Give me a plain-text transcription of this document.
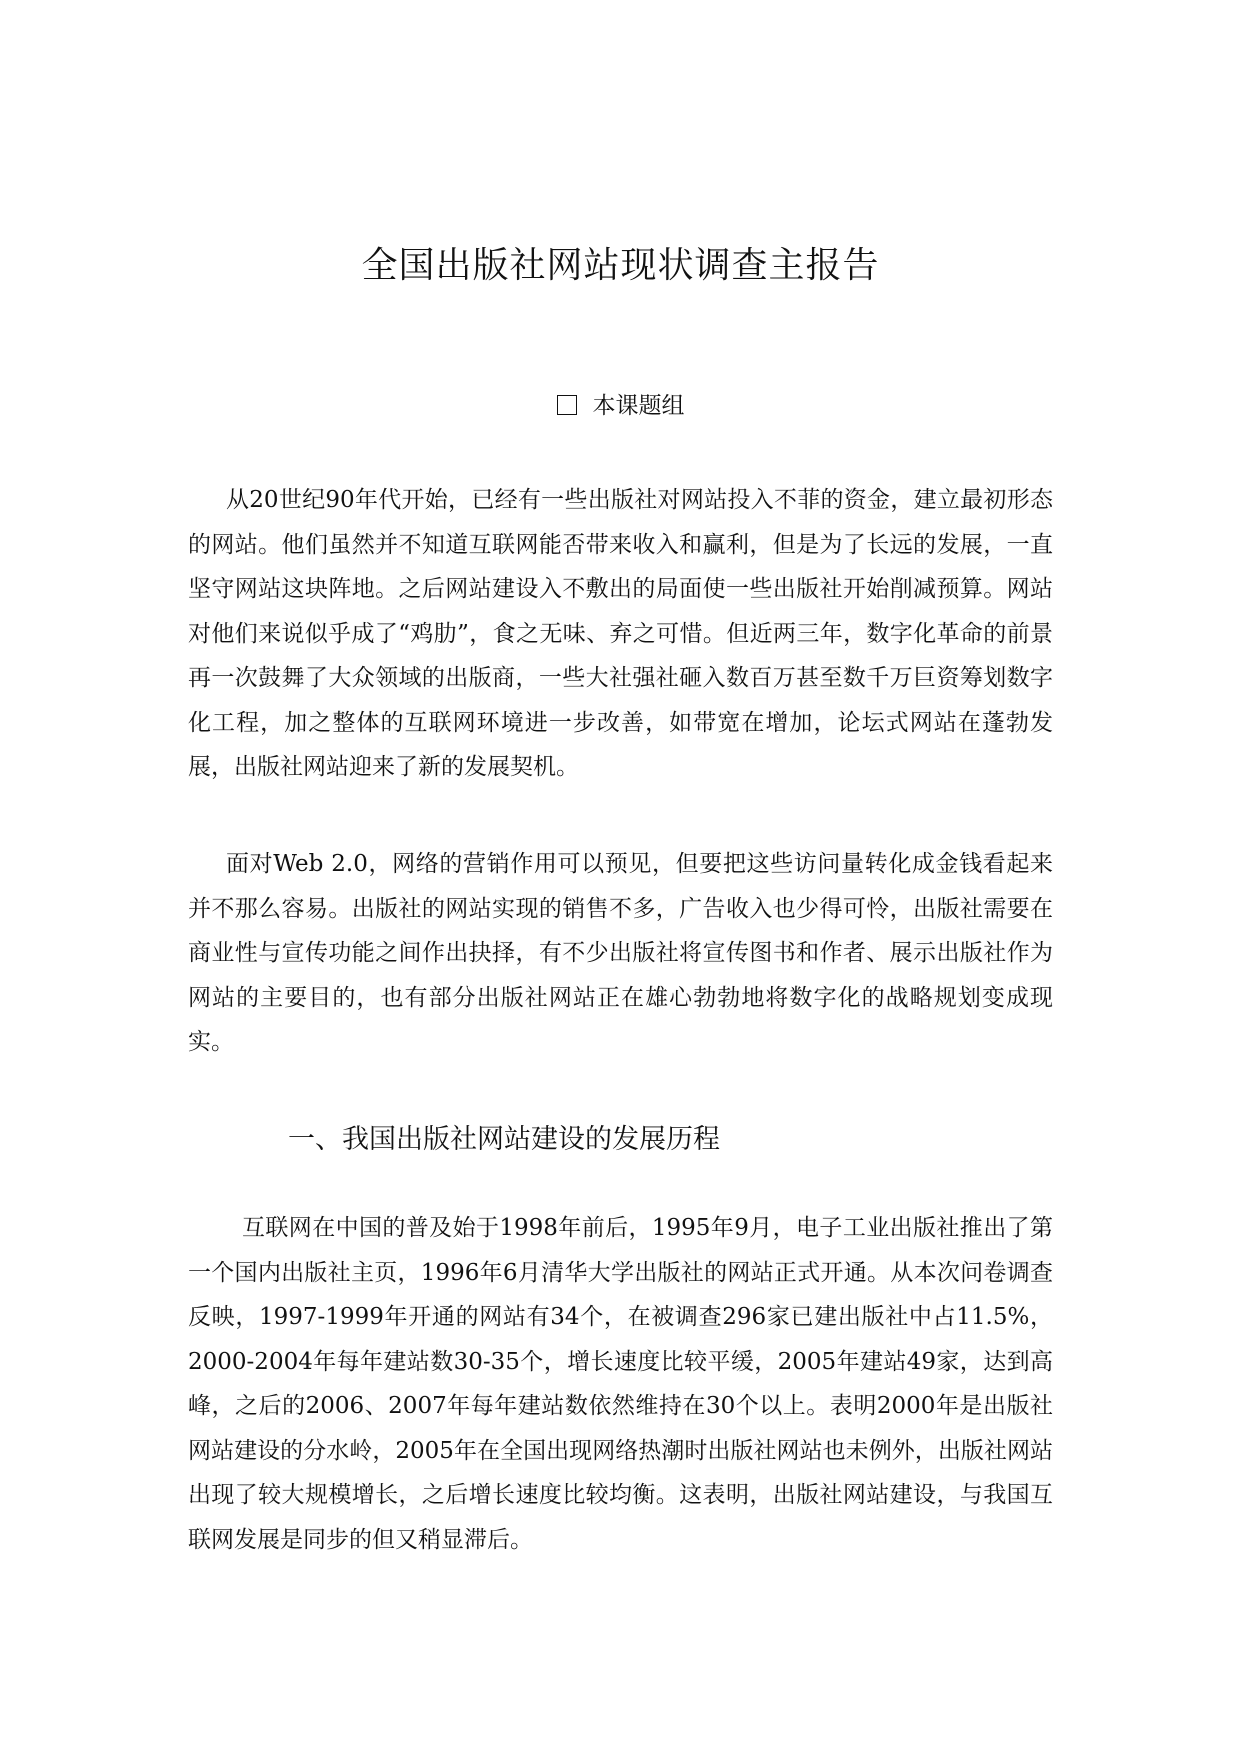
全国出版社网站现状调查主报告
本课题组

从20世纪90年代开始，已经有一些出版社对网站投入不菲的资金，建立最初形态的网站。他们虽然并不知道互联网能否带来收入和赢利，但是为了长远的发展，一直坚守网站这块阵地。之后网站建设入不敷出的局面使一些出版社开始削减预算。网站对他们来说似乎成了“鸡肋”，食之无味、弃之可惜。但近两三年，数字化革命的前景再一次鼓舞了大众领域的出版商，一些大社强社砸入数百万甚至数千万巨资筹划数字化工程，加之整体的互联网环境进一步改善，如带宽在增加，论坛式网站在蓬勃发展，出版社网站迎来了新的发展契机。

面对Web 2.0，网络的营销作用可以预见，但要把这些访问量转化成金钱看起来并不那么容易。出版社的网站实现的销售不多，广告收入也少得可怜，出版社需要在商业性与宣传功能之间作出抉择，有不少出版社将宣传图书和作者、展示出版社作为网站的主要目的，也有部分出版社网站正在雄心勃勃地将数字化的战略规划变成现实。

一、我国出版社网站建设的发展历程

互联网在中国的普及始于1998年前后，1995年9月，电子工业出版社推出了第一个国内出版社主页，1996年6月清华大学出版社的网站正式开通。从本次问卷调查反映，1997-1999年开通的网站有34个，在被调查296家已建出版社中占11.5%，2000-2004年每年建站数30-35个，增长速度比较平缓，2005年建站49家，达到高峰，之后的2006、2007年每年建站数依然维持在30个以上。表明2000年是出版社网站建设的分水岭，2005年在全国出现网络热潮时出版社网站也未例外，出版社网站出现了较大规模增长，之后增长速度比较均衡。这表明，出版社网站建设，与我国互联网发展是同步的但又稍显滞后。
